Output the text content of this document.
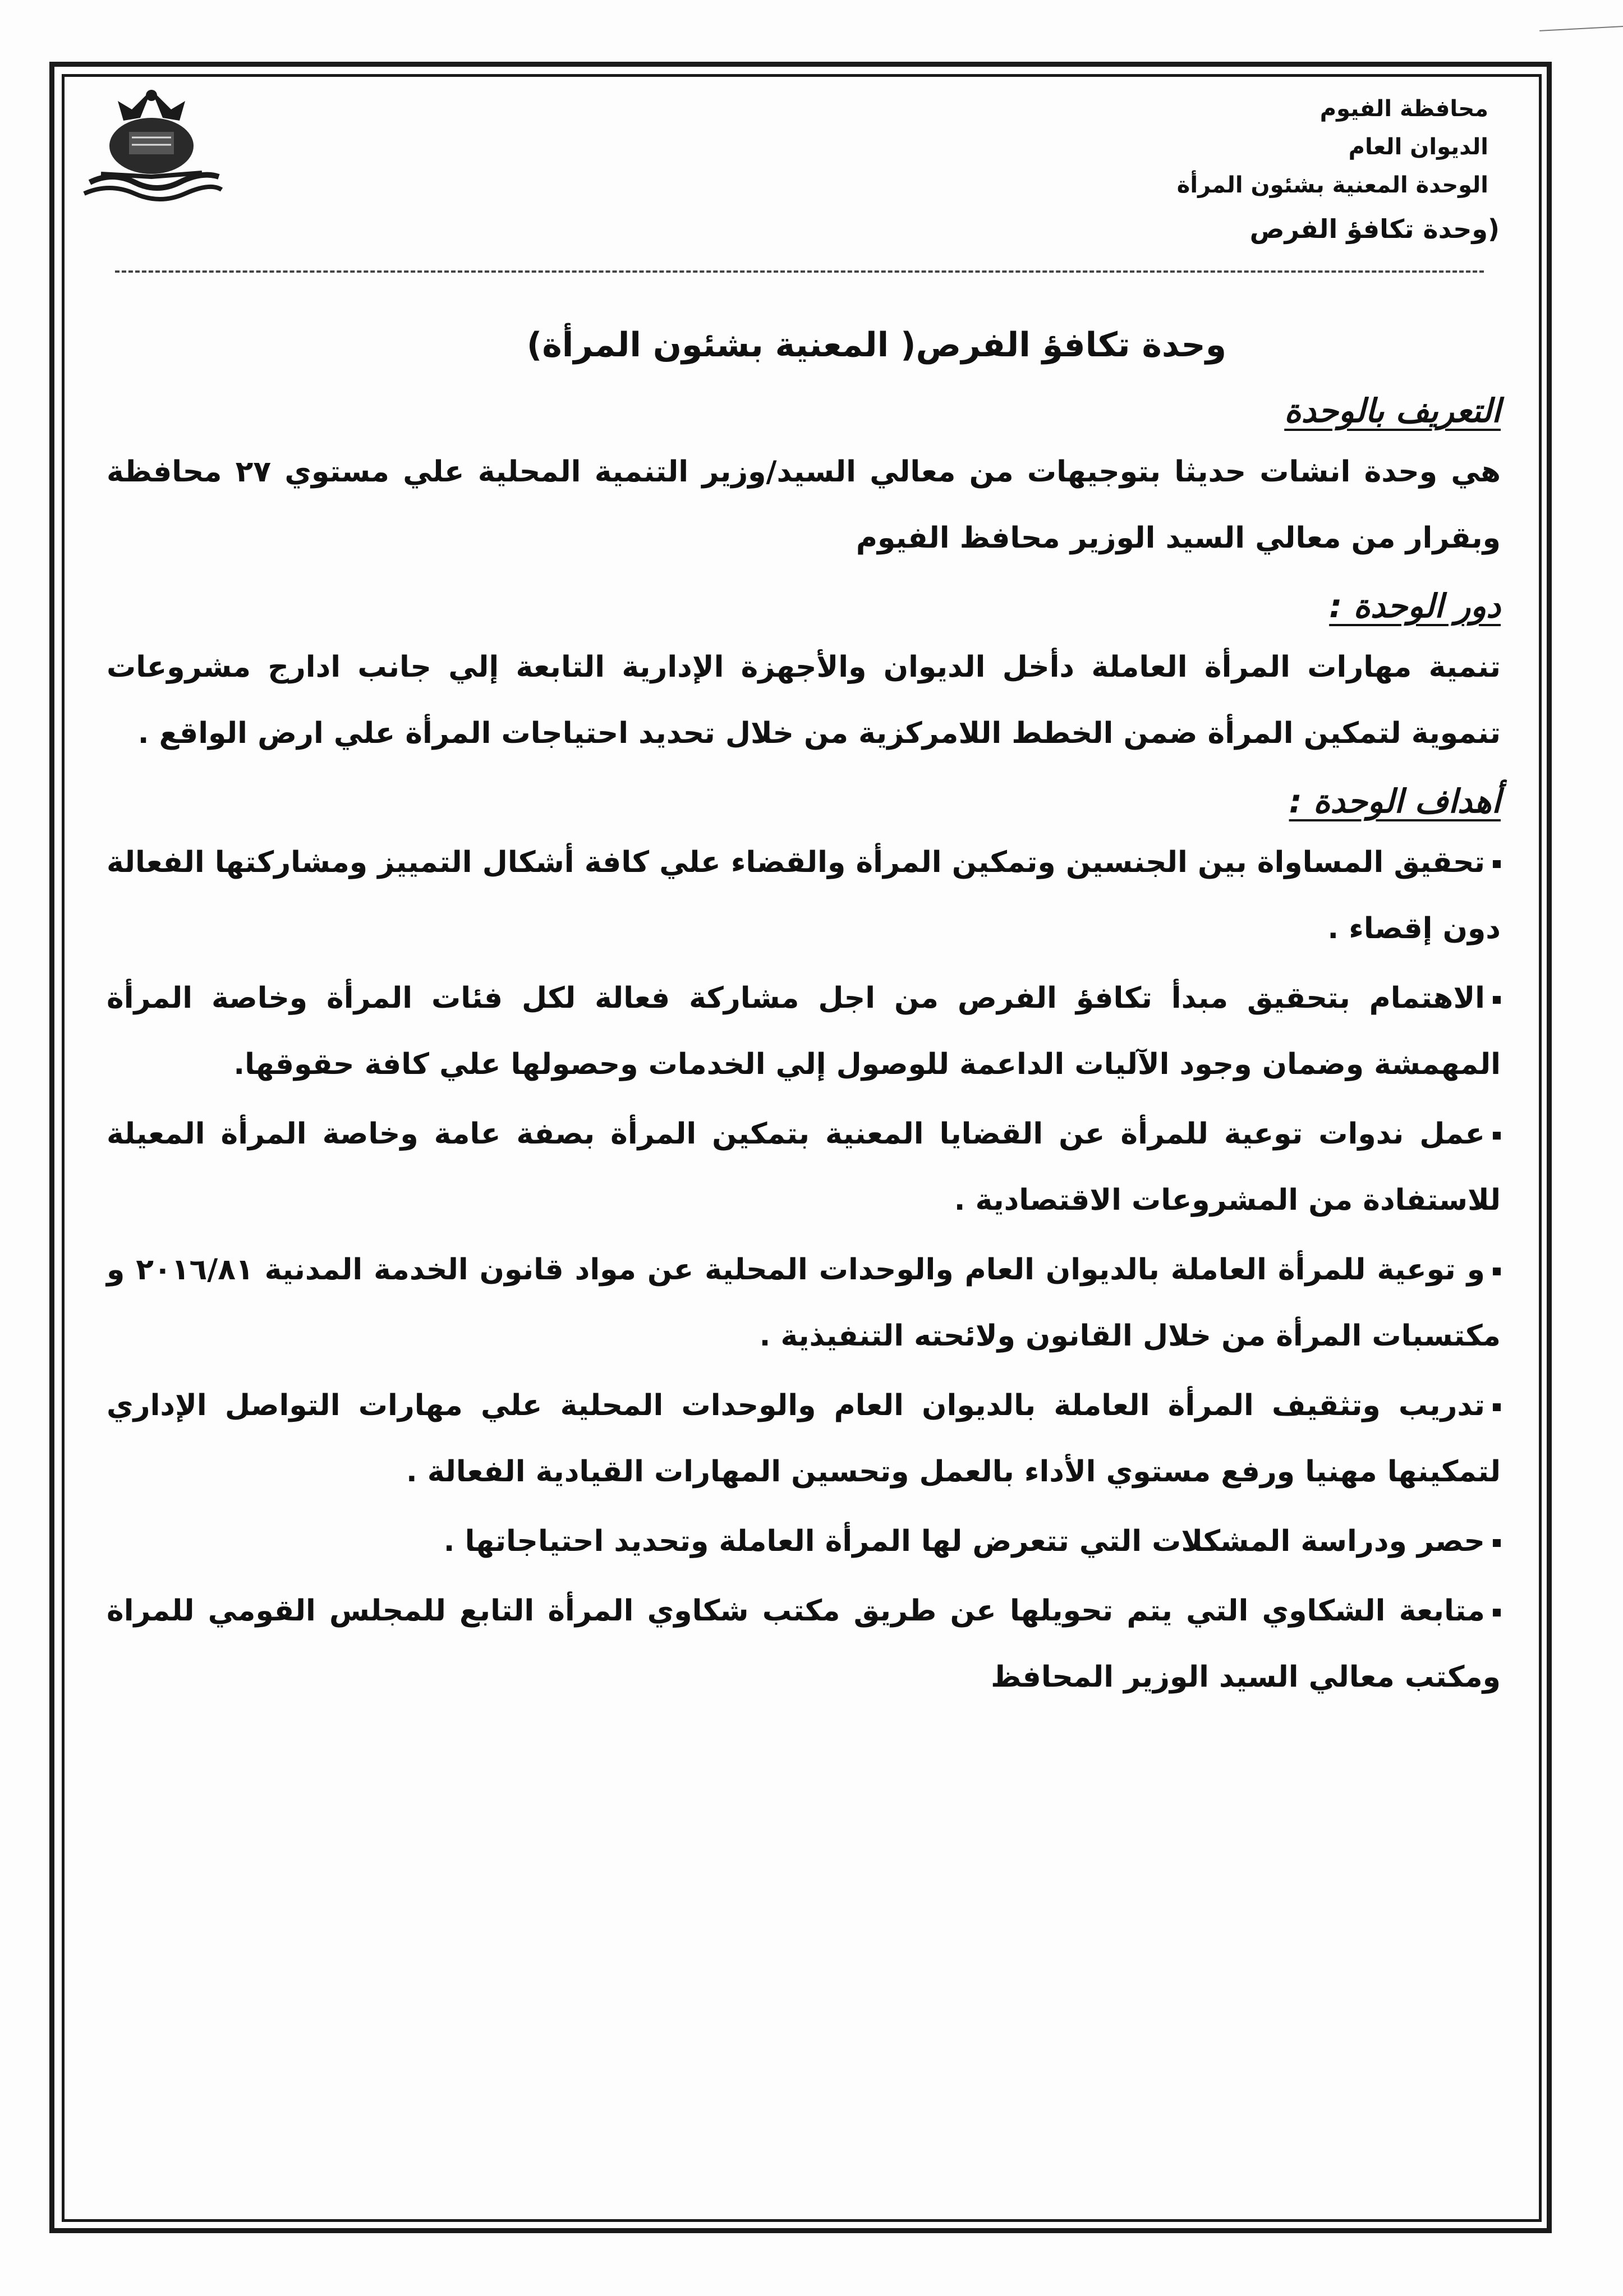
محافظة الفيوم
الديوان العام
الوحدة المعنية بشئون المرأة
(وحدة تكافؤ الفرص
وحدة تكافؤ الفرص( المعنية بشئون المرأة)
التعريف بالوحدة
هي وحدة انشات حديثا بتوجيهات من معالي السيد/وزير التنمية المحلية علي مستوي ٢٧ محافظة وبقرار من معالي السيد الوزير محافظ الفيوم
دور الوحدة :
تنمية مهارات المرأة العاملة دأخل الديوان والأجهزة الإدارية التابعة إلي جانب ادارج مشروعات تنموية لتمكين المرأة ضمن الخطط اللامركزية من خلال تحديد احتياجات المرأة علي ارض الواقع .
أهداف الوحدة :
تحقيق المساواة بين الجنسين وتمكين المرأة والقضاء علي كافة أشكال التمييز ومشاركتها الفعالة دون إقصاء .
الاهتمام بتحقيق مبدأ تكافؤ الفرص من اجل مشاركة فعالة لكل فئات المرأة وخاصة المرأة المهمشة وضمان وجود الآليات الداعمة للوصول إلي الخدمات وحصولها علي كافة حقوقها.
عمل ندوات توعية للمرأة عن القضايا المعنية بتمكين المرأة بصفة عامة وخاصة المرأة المعيلة للاستفادة من المشروعات الاقتصادية .
و توعية للمرأة العاملة بالديوان العام والوحدات المحلية عن مواد قانون الخدمة المدنية ٢٠١٦/٨١ و مكتسبات المرأة من خلال القانون ولائحته التنفيذية .
تدريب وتثقيف المرأة العاملة بالديوان العام والوحدات المحلية علي مهارات التواصل الإداري لتمكينها مهنيا ورفع مستوي الأداء بالعمل وتحسين المهارات القيادية الفعالة .
حصر ودراسة المشكلات التي تتعرض لها المرأة العاملة وتحديد احتياجاتها .
متابعة الشكاوي التي يتم تحويلها عن طريق مكتب شكاوي المرأة التابع للمجلس القومي للمراة ومكتب معالي السيد الوزير المحافظ
